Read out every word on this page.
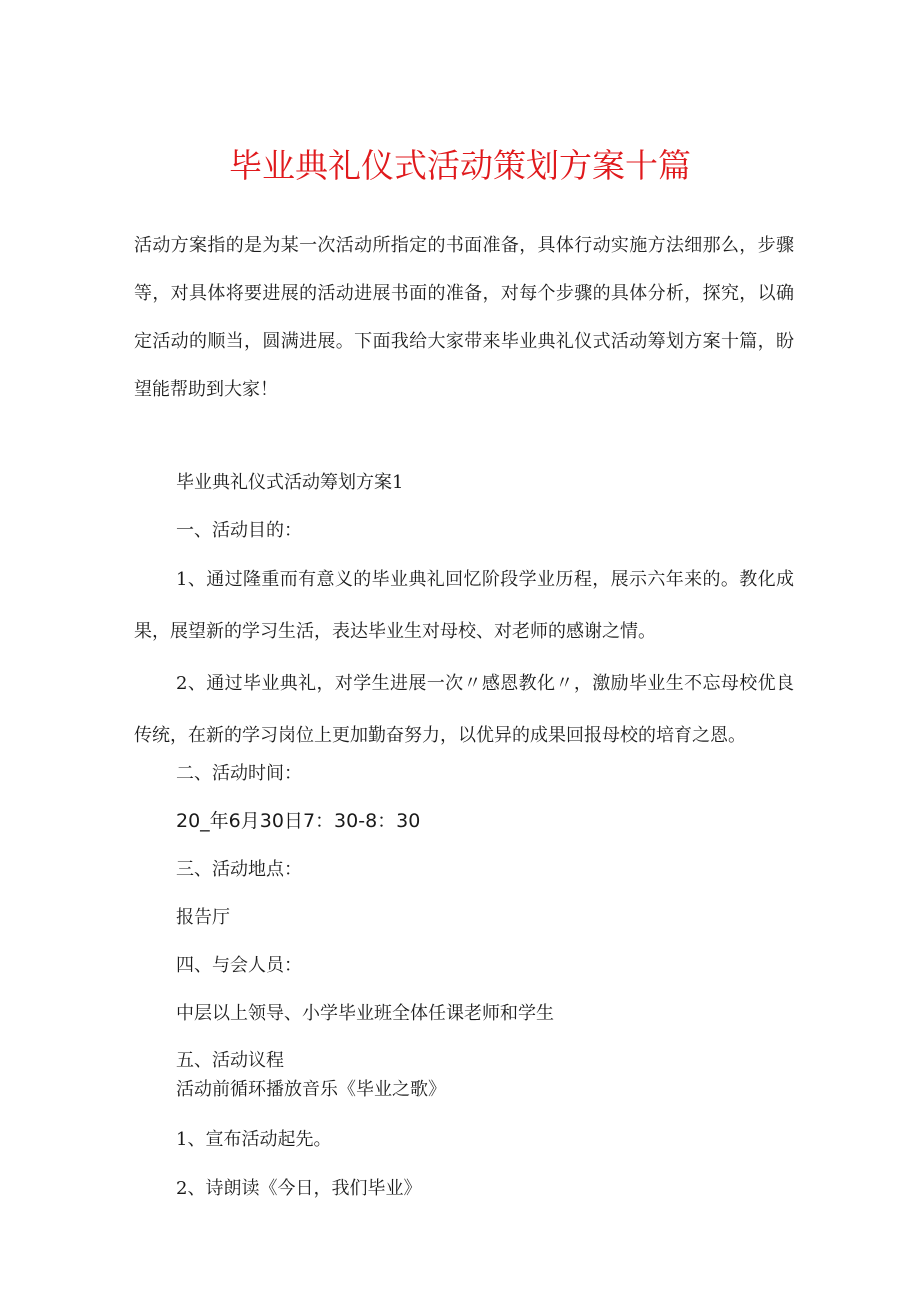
毕业典礼仪式活动策划方案十篇

活动方案指的是为某一次活动所指定的书面准备，具体行动实施方法细那么，步骤等，对具体将要进展的活动进展书面的准备，对每个步骤的具体分析，探究，以确定活动的顺当，圆满进展。下面我给大家带来毕业典礼仪式活动筹划方案十篇，盼望能帮助到大家！

毕业典礼仪式活动筹划方案1

一、活动目的：

1、通过隆重而有意义的毕业典礼回忆阶段学业历程，展示六年来的。教化成果，展望新的学习生活，表达毕业生对母校、对老师的感谢之情。

2、通过毕业典礼，对学生进展一次〃感恩教化〃，激励毕业生不忘母校优良传统，在新的学习岗位上更加勤奋努力，以优异的成果回报母校的培育之恩。

二、活动时间：

20_年6月30日7：30-8：30

三、活动地点：

报告厅

四、与会人员：

中层以上领导、小学毕业班全体任课老师和学生

五、活动议程

活动前循环播放音乐《毕业之歌》

1、宣布活动起先。

2、诗朗读《今日，我们毕业》
